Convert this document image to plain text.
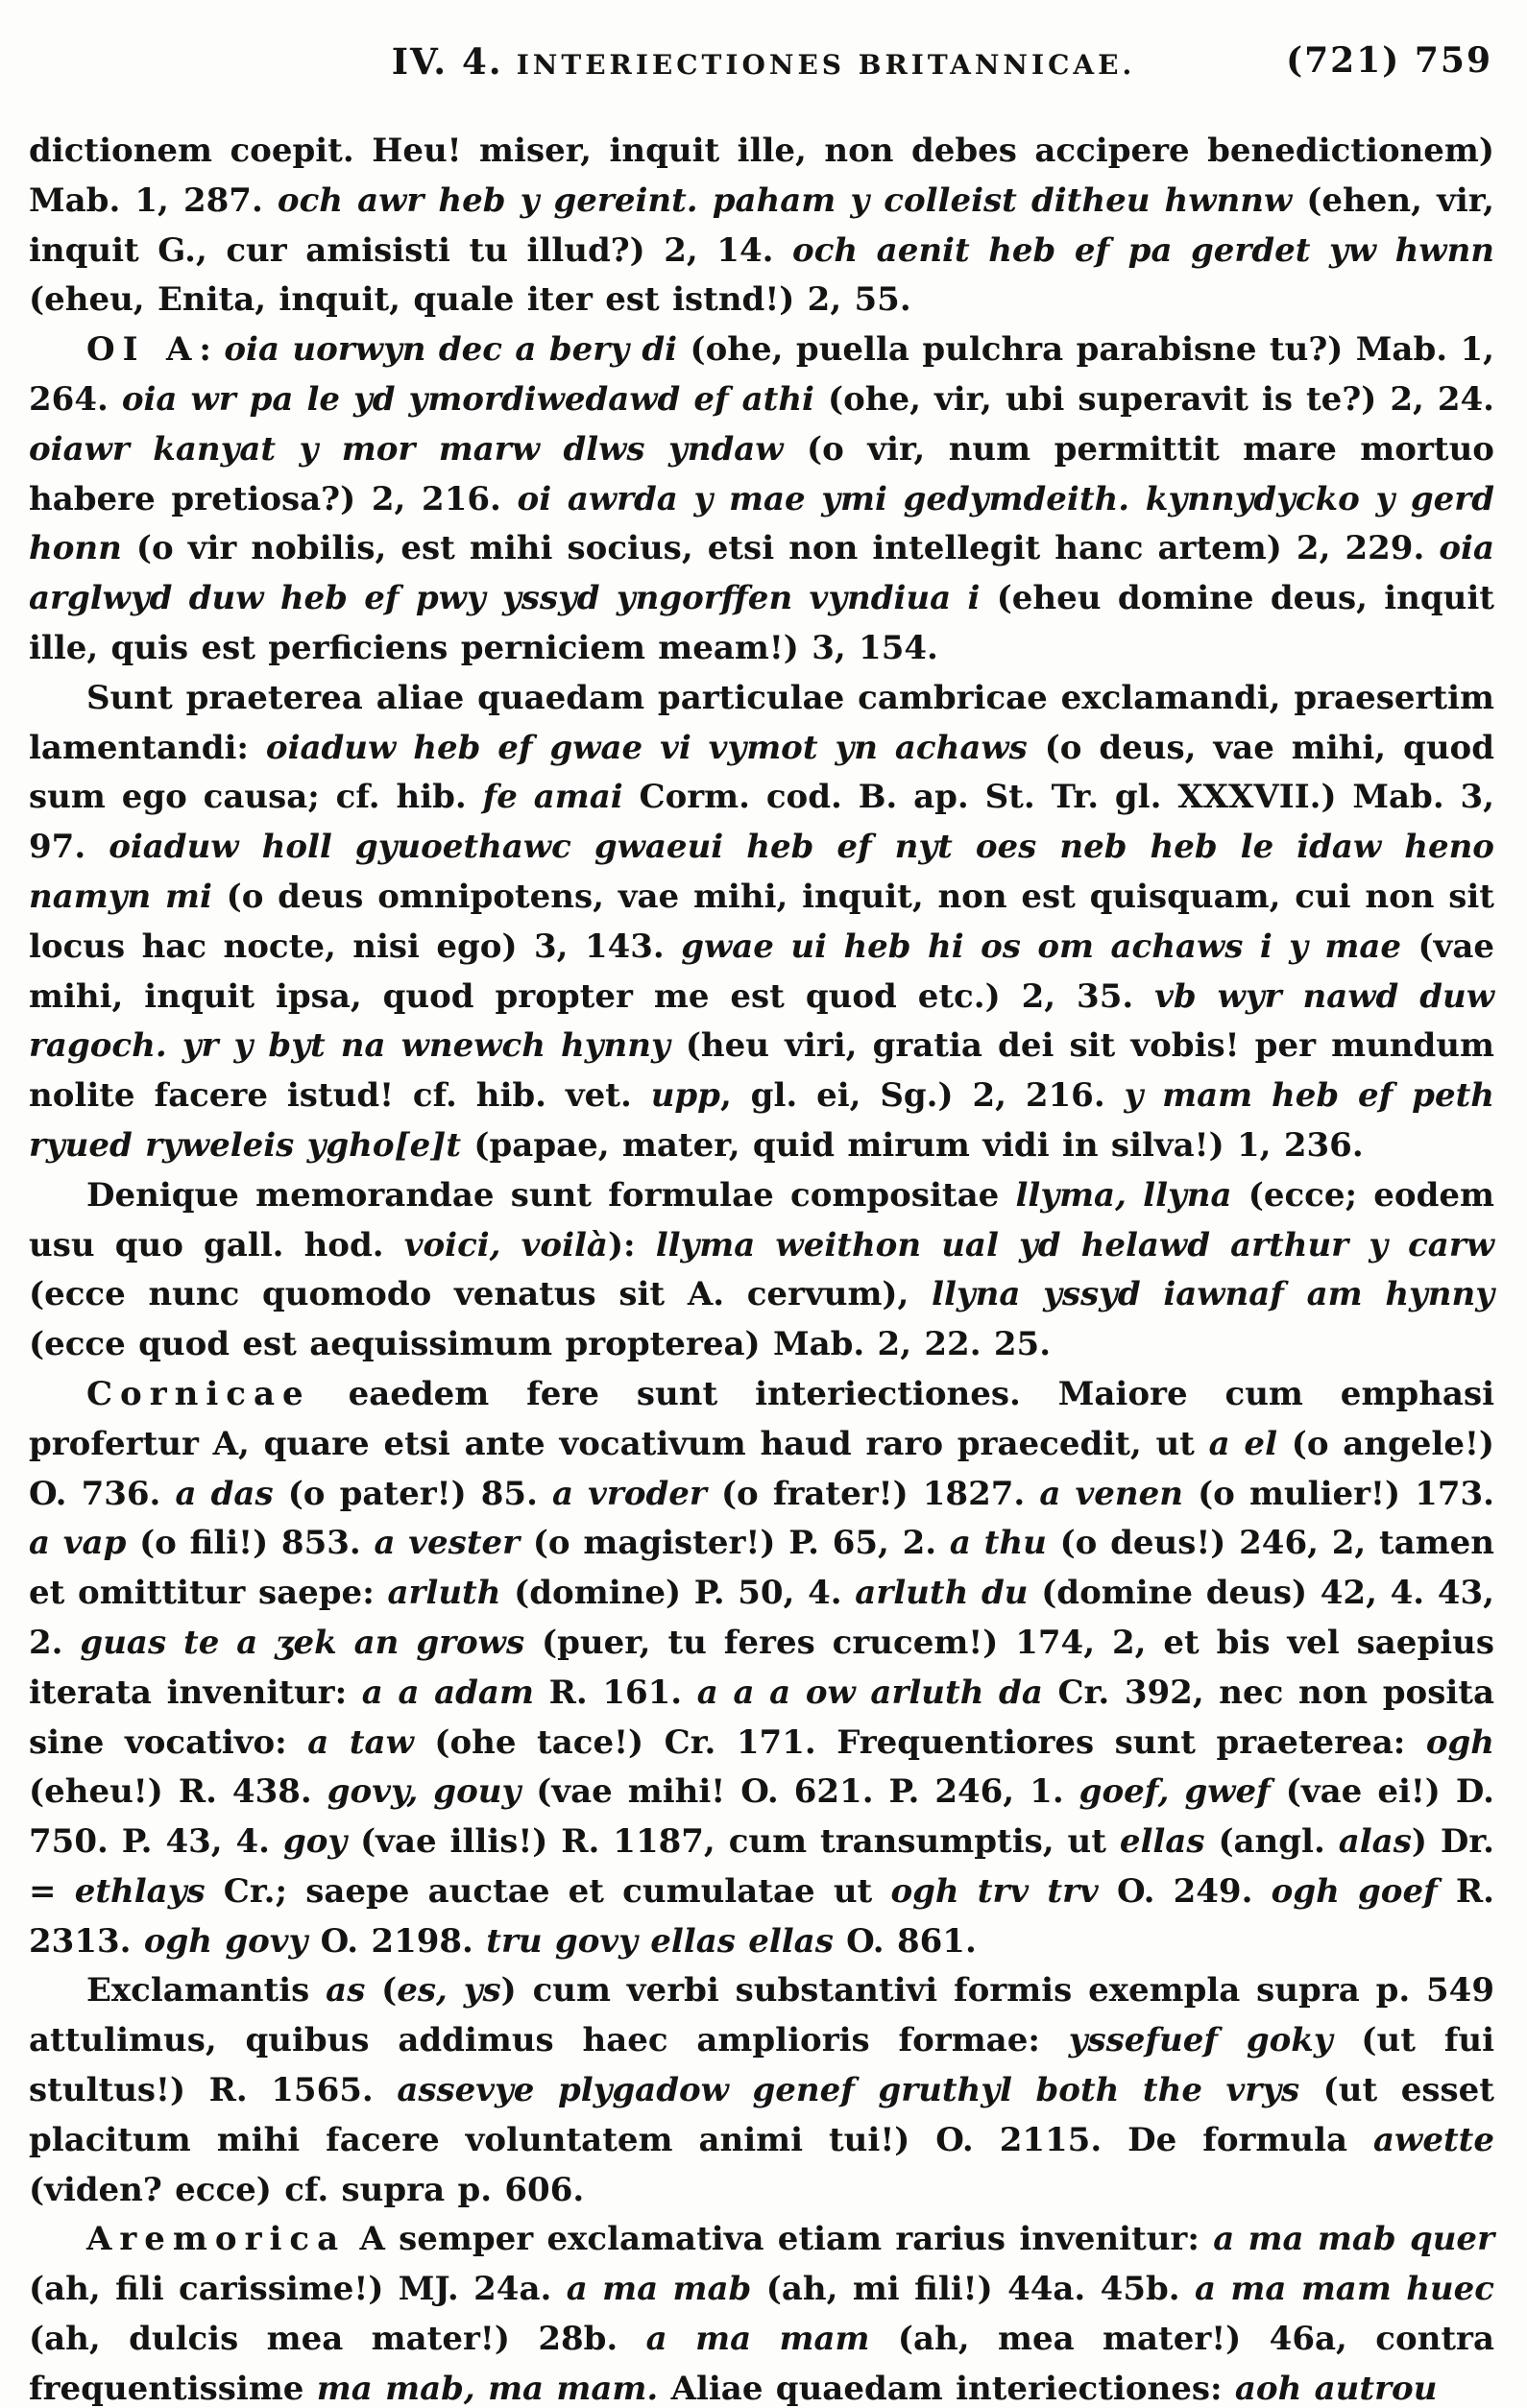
IV. 4. INTERIECTIONES BRITANNICAE.	(721) 759

dictionem coepit. Heu! miser, inquit ille, non debes accipere benedictionem) Mab. 1, 287. och awr heb y gereint. paham y colleist ditheu hwnnw (ehen, vir, inquit G., cur amisisti tu illud?) 2, 14. och aenit heb ef pa gerdet yw hwnn (eheu, Enita, inquit, quale iter est istnd!) 2, 55.

OI A: oia uorwyn dec a bery di (ohe, puella pulchra parabisne tu?) Mab. 1, 264. oia wr pa le yd ymordiwedawd ef athi (ohe, vir, ubi superavit is te?) 2, 24. oiawr kanyat y mor marw dlws yndaw (o vir, num permittit mare mortuo habere pretiosa?) 2, 216. oi awrda y mae ymi gedymdeith. kynnydycko y gerd honn (o vir nobilis, est mihi socius, etsi non intellegit hanc artem) 2, 229. oia arglwyd duw heb ef pwy yssyd yngorffen vyndiua i (eheu domine deus, inquit ille, quis est perficiens perniciem meam!) 3, 154.

Sunt praeterea aliae quaedam particulae cambricae exclamandi, praesertim lamentandi: oiaduw heb ef gwae vi vymot yn achaws (o deus, vae mihi, quod sum ego causa; cf. hib. fe amai Corm. cod. B. ap. St. Tr. gl. XXXVII.) Mab. 3, 97. oiaduw holl gyuoethawc gwaeui heb ef nyt oes neb heb le idaw heno namyn mi (o deus omnipotens, vae mihi, inquit, non est quisquam, cui non sit locus hac nocte, nisi ego) 3, 143. gwae ui heb hi os om achaws i y mae (vae mihi, inquit ipsa, quod propter me est quod etc.) 2, 35. vb wyr nawd duw ragoch. yr y byt na wnewch hynny (heu viri, gratia dei sit vobis! per mundum nolite facere istud! cf. hib. vet. upp, gl. ei, Sg.) 2, 216. y mam heb ef peth ryued ryweleis ygho[e]t (papae, mater, quid mirum vidi in silva!) 1, 236.

Denique memorandae sunt formulae compositae llyma, llyna (ecce; eodem usu quo gall. hod. voici, voilà): llyma weithon ual yd helawd arthur y carw (ecce nunc quomodo venatus sit A. cervum), llyna yssyd iawnaf am hynny (ecce quod est aequissimum propterea) Mab. 2, 22. 25.

Cornicae eaedem fere sunt interiectiones. Maiore cum emphasi profertur A, quare etsi ante vocativum haud raro praecedit, ut a el (o angele!) O. 736. a das (o pater!) 85. a vroder (o frater!) 1827. a venen (o mulier!) 173. a vap (o fili!) 853. a vester (o magister!) P. 65, 2. a thu (o deus!) 246, 2, tamen et omittitur saepe: arluth (domine) P. 50, 4. arluth du (domine deus) 42, 4. 43, 2. guas te a ʒek an grows (puer, tu feres crucem!) 174, 2, et bis vel saepius iterata invenitur: a a adam R. 161. a a a ow arluth da Cr. 392, nec non posita sine vocativo: a taw (ohe tace!) Cr. 171. Frequentiores sunt praeterea: ogh (eheu!) R. 438. govy, gouy (vae mihi! O. 621. P. 246, 1. goef, gwef (vae ei!) D. 750. P. 43, 4. goy (vae illis!) R. 1187, cum transumptis, ut ellas (angl. alas) Dr. = ethlays Cr.; saepe auctae et cumulatae ut ogh trv trv O. 249. ogh goef R. 2313. ogh govy O. 2198. tru govy ellas ellas O. 861.

Exclamantis as (es, ys) cum verbi substantivi formis exempla supra p. 549 attulimus, quibus addimus haec amplioris formae: yssefuef goky (ut fui stultus!) R. 1565. assevye plygadow genef gruthyl both the vrys (ut esset placitum mihi facere voluntatem animi tui!) O. 2115. De formula awette (viden? ecce) cf. supra p. 606.

Aremorica A semper exclamativa etiam rarius invenitur: a ma mab quer (ah, fili carissime!) MJ. 24a. a ma mab (ah, mi fili!) 44a. 45b. a ma mam huec (ah, dulcis mea mater!) 28b. a ma mam (ah, mea mater!) 46a, contra frequentissime ma mab, ma mam. Aliae quaedam interiectiones: aoh autrou
